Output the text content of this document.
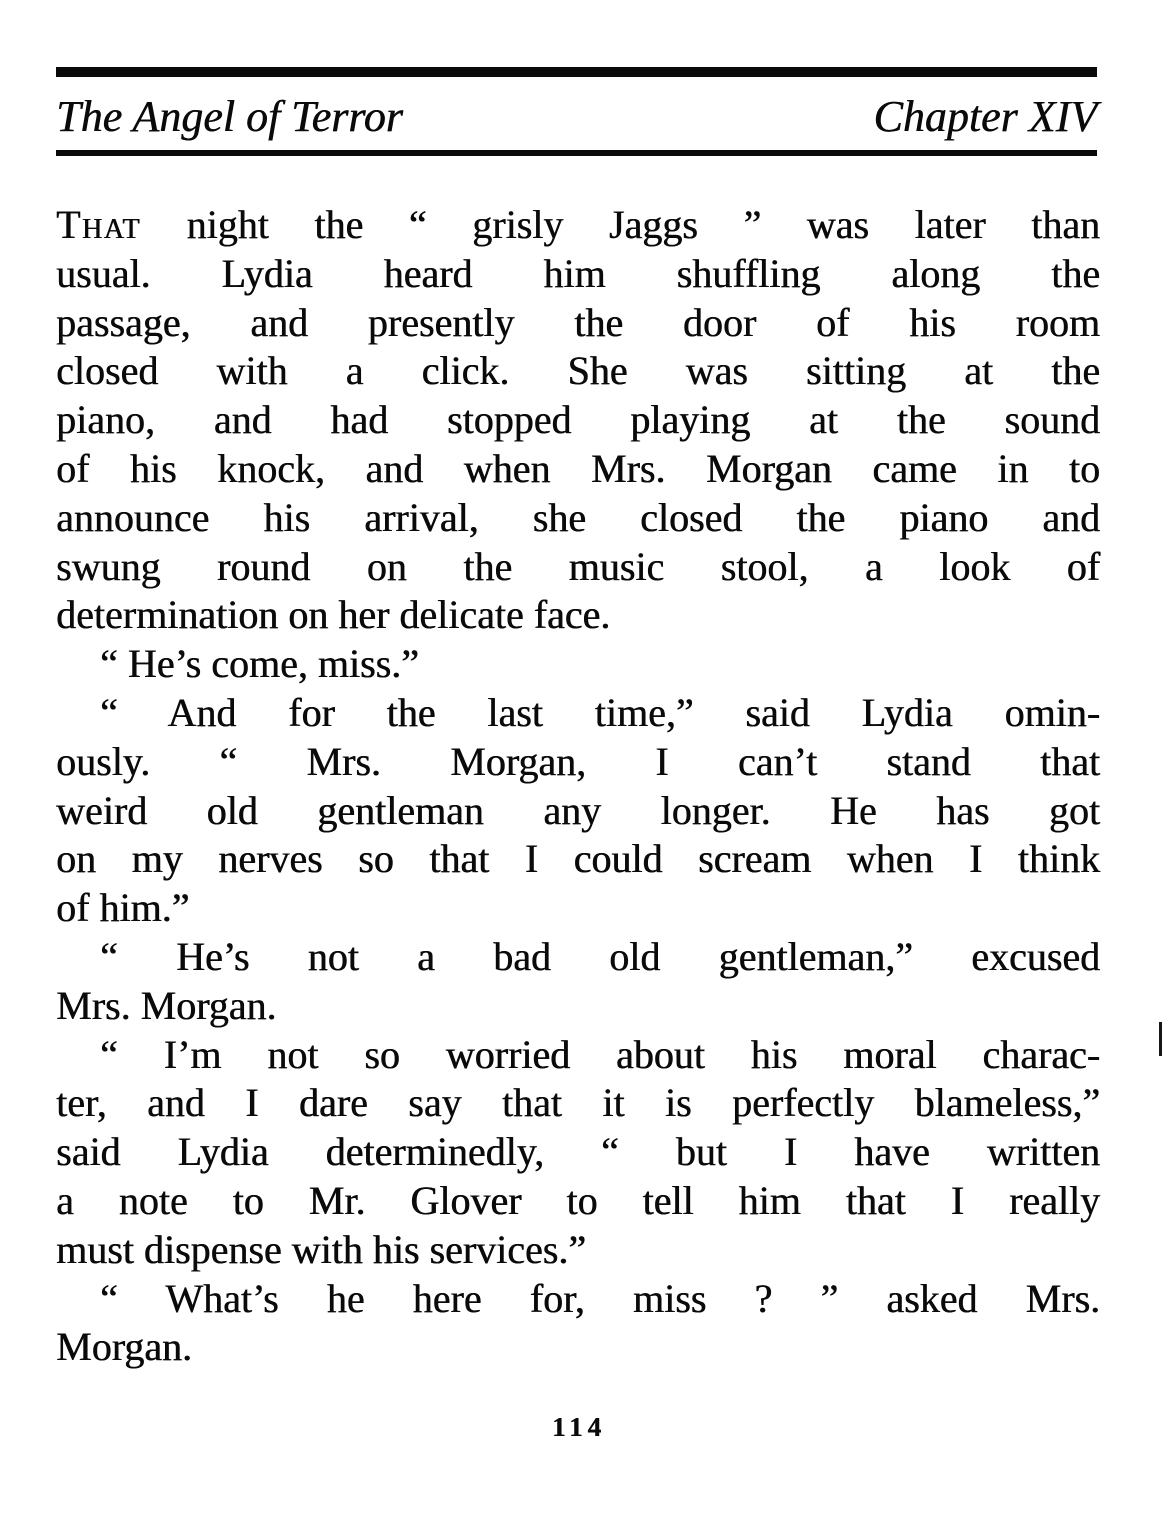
The Angel of Terror	Chapter XIV
That night the “ grisly Jaggs ” was later than
usual. Lydia heard him shuffling along the
passage, and presently the door of his room
closed with a click. She was sitting at the
piano, and had stopped playing at the sound
of his knock, and when Mrs. Morgan came in to
announce his arrival, she closed the piano and
swung round on the music stool, a look of
determination on her delicate face.
“ He’s come, miss.”
“ And for the last time,” said Lydia omin-
ously. “ Mrs. Morgan, I can’t stand that
weird old gentleman any longer. He has got
on my nerves so that I could scream when I think
of him.”
“ He’s not a bad old gentleman,” excused
Mrs. Morgan.
“ I’m not so worried about his moral charac-
ter, and I dare say that it is perfectly blameless,”
said Lydia determinedly, “ but I have written
a note to Mr. Glover to tell him that I really
must dispense with his services.”
“ What’s he here for, miss ? ” asked Mrs.
Morgan.
114
